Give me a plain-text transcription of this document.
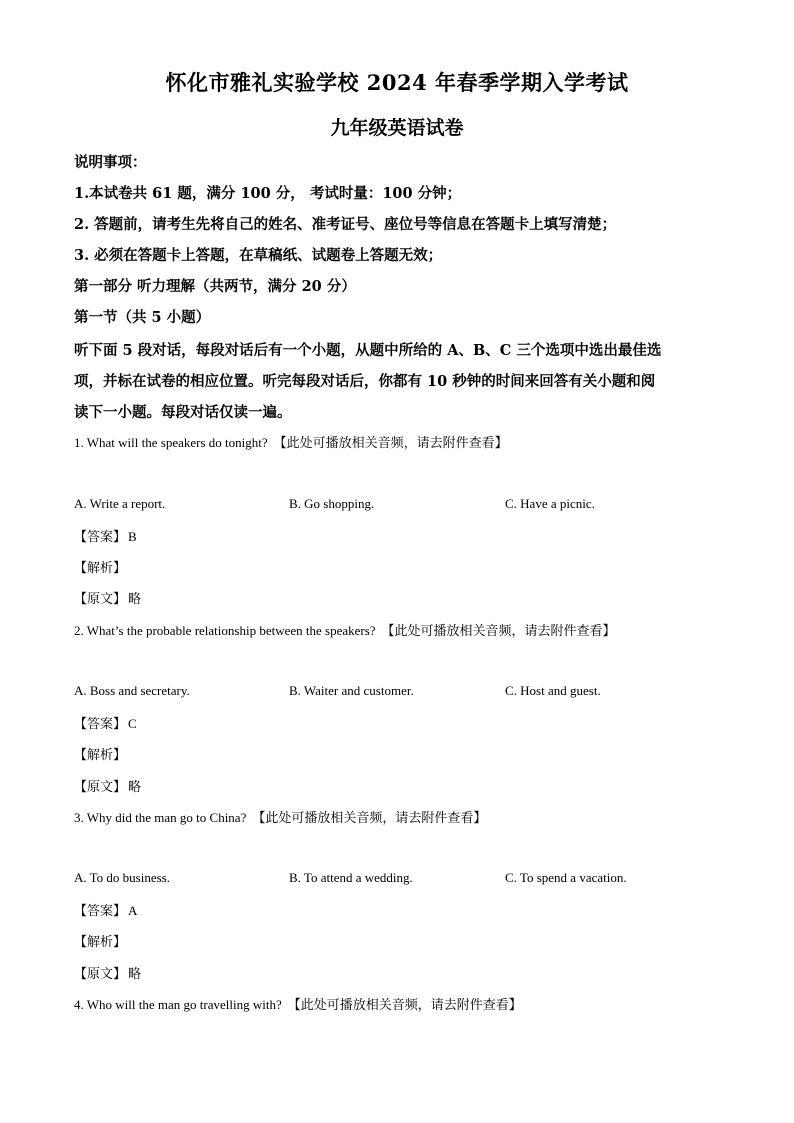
怀化市雅礼实验学校 2024 年春季学期入学考试
九年级英语试卷
说明事项：
1.本试卷共 61 题，满分 100 分， 考试时量：100 分钟；
2. 答题前，请考生先将自己的姓名、准考证号、座位号等信息在答题卡上填写清楚；
3. 必须在答题卡上答题，在草稿纸、试题卷上答题无效；
第一部分 听力理解（共两节，满分 20 分）
第一节（共 5 小题）
听下面 5 段对话，每段对话后有一个小题，从题中所给的 A、B、C 三个选项中选出最佳选
项，并标在试卷的相应位置。听完每段对话后，你都有 10 秒钟的时间来回答有关小题和阅
读下一小题。每段对话仅读一遍。
1. What will the speakers do tonight? 【此处可播放相关音频，请去附件查看】
A. Write a report.	B. Go shopping.	C. Have a picnic.
【答案】 B
【解析】
【原文】 略
2. What’s the probable relationship between the speakers? 【此处可播放相关音频，请去附件查看】
A. Boss and secretary.	B. Waiter and customer.	C. Host and guest.
【答案】 C
【解析】
【原文】 略
3. Why did the man go to China? 【此处可播放相关音频，请去附件查看】
A. To do business.	B. To attend a wedding.	C. To spend a vacation.
【答案】 A
【解析】
【原文】 略
4. Who will the man go travelling with? 【此处可播放相关音频，请去附件查看】
